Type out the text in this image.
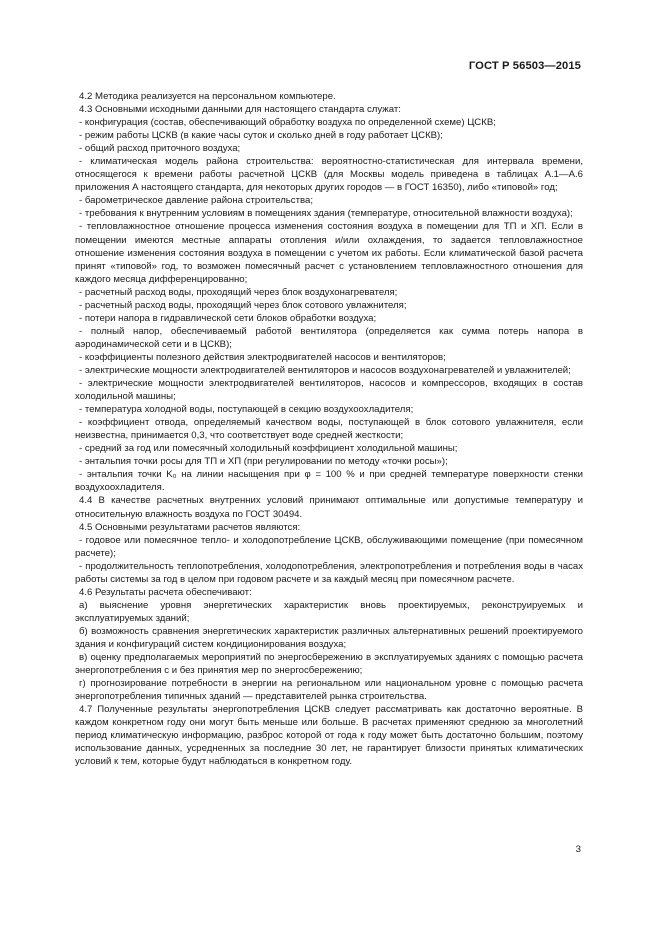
ГОСТ Р 56503—2015

4.2 Методика реализуется на персональном компьютере.

4.3 Основными исходными данными для настоящего стандарта служат:

- конфигурация (состав, обеспечивающий обработку воздуха по определенной схеме) ЦСКВ;

- режим работы ЦСКВ (в какие часы суток и сколько дней в году работает ЦСКВ);

- общий расход приточного воздуха;

- климатическая модель района строительства: вероятностно-статистическая для интервала времени, относящегося к времени работы расчетной ЦСКВ (для Москвы модель приведена в таблицах А.1—А.6 приложения А настоящего стандарта, для некоторых других городов — в ГОСТ 16350), либо «типовой» год;

- барометрическое давление района строительства;

- требования к внутренним условиям в помещениях здания (температуре, относительной влажности воздуха);

- тепловлажностное отношение процесса изменения состояния воздуха в помещении для ТП и ХП. Если в помещении имеются местные аппараты отопления и/или охлаждения, то задается тепловлажностное отношение изменения состояния воздуха в помещении с учетом их работы. Если климатической базой расчета принят «типовой» год, то возможен помесячный расчет с установлением тепловлажностного отношения для каждого месяца дифференцированно;

- расчетный расход воды, проходящий через блок воздухонагревателя;

- расчетный расход воды, проходящий через блок сотового увлажнителя;

- потери напора в гидравлической сети блоков обработки воздуха;

- полный напор, обеспечиваемый работой вентилятора (определяется как сумма потерь напора в аэродинамической сети и в ЦСКВ);

- коэффициенты полезного действия электродвигателей насосов и вентиляторов;

- электрические мощности электродвигателей вентиляторов и насосов воздухонагревателей и увлажнителей;

- электрические мощности электродвигателей вентиляторов, насосов и компрессоров, входящих в состав холодильной машины;

- температура холодной воды, поступающей в секцию воздухоохладителя;

- коэффициент отвода, определяемый качеством воды, поступающей в блок сотового увлажнителя, если неизвестна, принимается 0,3, что соответствует воде средней жесткости;

- средний за год или помесячный холодильный коэффициент холодильной машины;

- энтальпия точки росы для ТП и ХП (при регулировании по методу «точки росы»);

- энтальпия точки K₀ на линии насыщения при φ = 100 % и при средней температуре поверхности стенки воздухоохладителя.

4.4 В качестве расчетных внутренних условий принимают оптимальные или допустимые температуру и относительную влажность воздуха по ГОСТ 30494.

4.5 Основными результатами расчетов являются:

- годовое или помесячное тепло- и холодопотребление ЦСКВ, обслуживающими помещение (при помесячном расчете);

- продолжительность теплопотребления, холодопотребления, электропотребления и потребления воды в часах работы системы за год в целом при годовом расчете и за каждый месяц при помесячном расчете.

4.6 Результаты расчета обеспечивают:

а) выяснение уровня энергетических характеристик вновь проектируемых, реконструируемых и эксплуатируемых зданий;

б) возможность сравнения энергетических характеристик различных альтернативных решений проектируемого здания и конфигураций систем кондиционирования воздуха;

в) оценку предполагаемых мероприятий по энергосбережению в эксплуатируемых зданиях с помощью расчета энергопотребления с и без принятия мер по энергосбережению;

г) прогнозирование потребности в энергии на региональном или национальном уровне с помощью расчета энергопотребления типичных зданий — представителей рынка строительства.

4.7 Полученные результаты энергопотребления ЦСКВ следует рассматривать как достаточно вероятные. В каждом конкретном году они могут быть меньше или больше. В расчетах применяют среднюю за многолетний период климатическую информацию, разброс которой от года к году может быть достаточно большим, поэтому использование данных, усредненных за последние 30 лет, не гарантирует близости принятых климатических условий к тем, которые будут наблюдаться в конкретном году.

3
